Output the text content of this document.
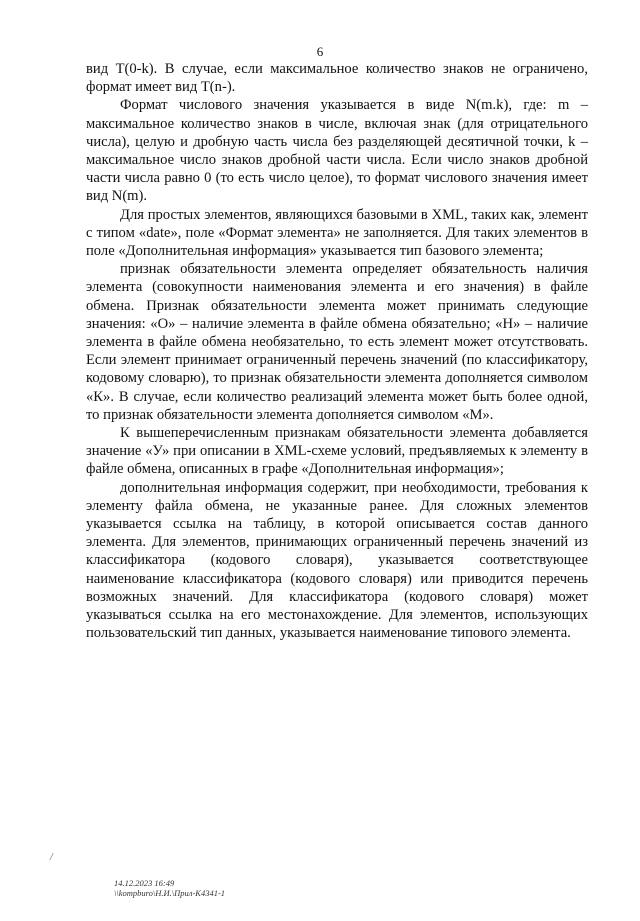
6

вид T(0-k). В случае, если максимальное количество знаков не ограничено, формат имеет вид T(n-).

Формат числового значения указывается в виде N(m.k), где: m – максимальное количество знаков в числе, включая знак (для отрицательного числа), целую и дробную часть числа без разделяющей десятичной точки, k – максимальное число знаков дробной части числа. Если число знаков дробной части числа равно 0 (то есть число целое), то формат числового значения имеет вид N(m).

Для простых элементов, являющихся базовыми в XML, таких как, элемент с типом «date», поле «Формат элемента» не заполняется. Для таких элементов в поле «Дополнительная информация» указывается тип базового элемента;

признак обязательности элемента определяет обязательность наличия элемента (совокупности наименования элемента и его значения) в файле обмена. Признак обязательности элемента может принимать следующие значения: «О» – наличие элемента в файле обмена обязательно; «Н» – наличие элемента в файле обмена необязательно, то есть элемент может отсутствовать. Если элемент принимает ограниченный перечень значений (по классификатору, кодовому словарю), то признак обязательности элемента дополняется символом «К». В случае, если количество реализаций элемента может быть более одной, то признак обязательности элемента дополняется символом «М».

К вышеперечисленным признакам обязательности элемента добавляется значение «У» при описании в XML-схеме условий, предъявляемых к элементу в файле обмена, описанных в графе «Дополнительная информация»;

дополнительная информация содержит, при необходимости, требования к элементу файла обмена, не указанные ранее. Для сложных элементов указывается ссылка на таблицу, в которой описывается состав данного элемента. Для элементов, принимающих ограниченный перечень значений из классификатора (кодового словаря), указывается соответствующее наименование классификатора (кодового словаря) или приводится перечень возможных значений. Для классификатора (кодового словаря) может указываться ссылка на его местонахождение. Для элементов, использующих пользовательский тип данных, указывается наименование типового элемента.

/
14.12.2023 16:49
\\kompburo\Н.И.\Прил-К4341-1
